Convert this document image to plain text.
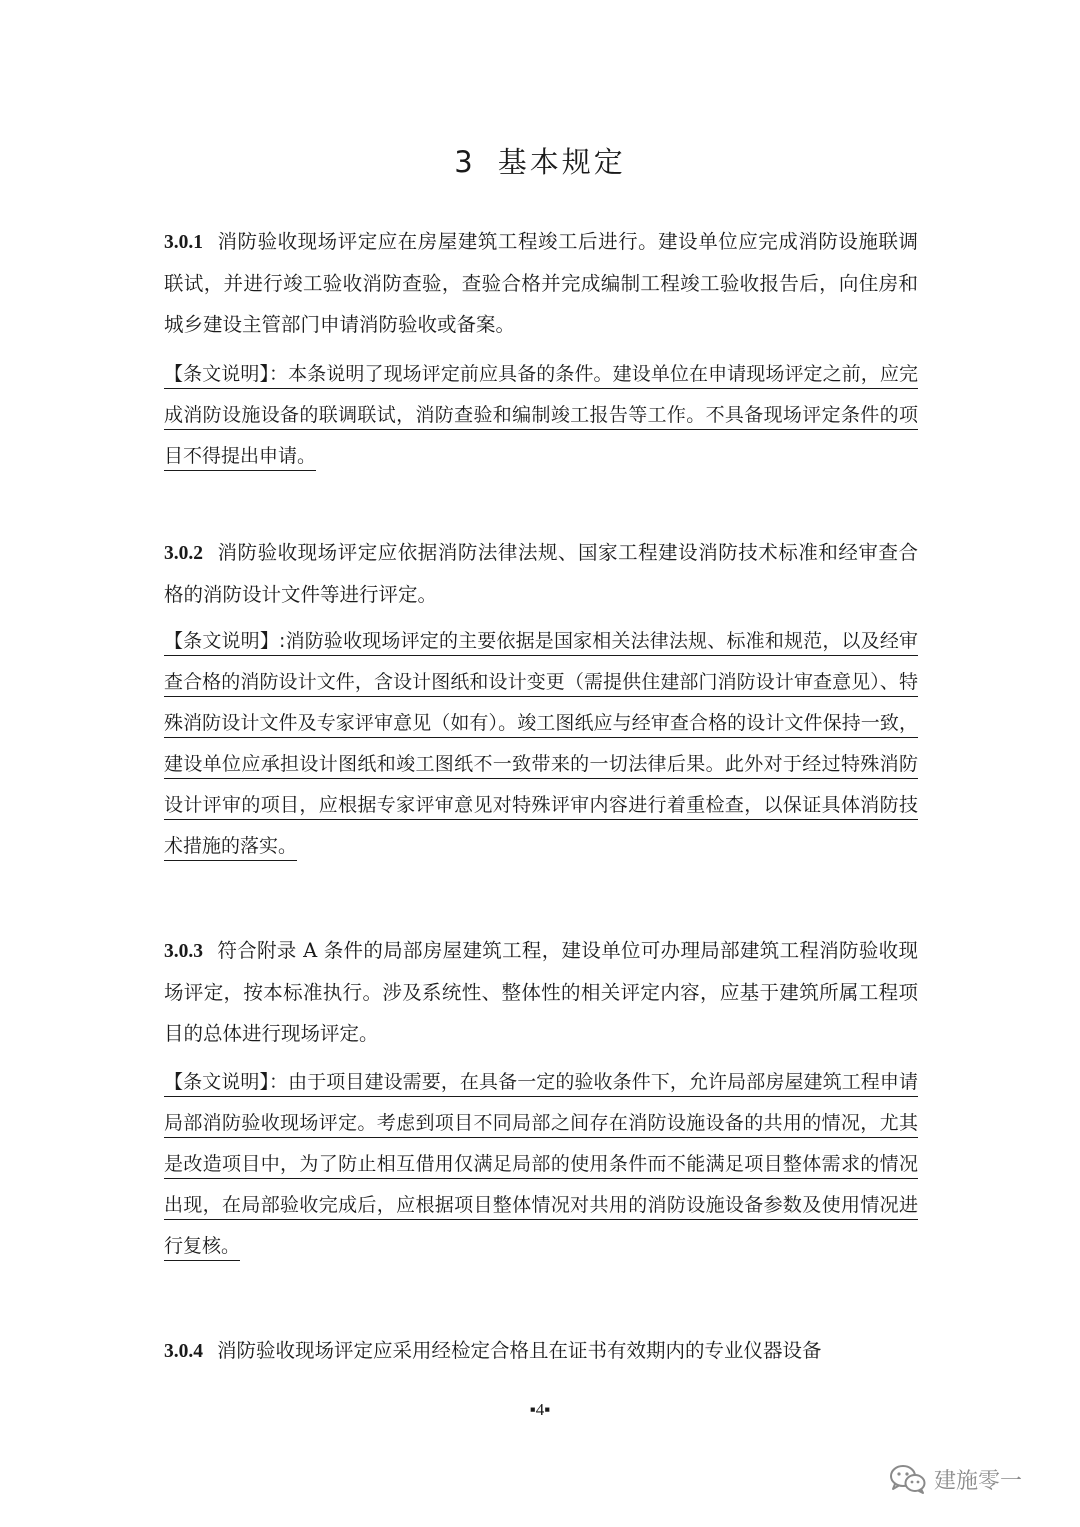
3 基本规定
3.0.1 消防验收现场评定应在房屋建筑工程竣工后进行。建设单位应完成消防设施联调联试，并进行竣工验收消防查验，查验合格并完成编制工程竣工验收报告后，向住房和城乡建设主管部门申请消防验收或备案。
【条文说明】：本条说明了现场评定前应具备的条件。建设单位在申请现场评定之前，应完成消防设施设备的联调联试，消防查验和编制竣工报告等工作。不具备现场评定条件的项目不得提出申请。
3.0.2 消防验收现场评定应依据消防法律法规、国家工程建设消防技术标准和经审查合格的消防设计文件等进行评定。
【条文说明】:消防验收现场评定的主要依据是国家相关法律法规、标准和规范，以及经审查合格的消防设计文件，含设计图纸和设计变更（需提供住建部门消防设计审查意见）、特殊消防设计文件及专家评审意见（如有）。竣工图纸应与经审查合格的设计文件保持一致，建设单位应承担设计图纸和竣工图纸不一致带来的一切法律后果。此外对于经过特殊消防设计评审的项目，应根据专家评审意见对特殊评审内容进行着重检查，以保证具体消防技术措施的落实。
3.0.3 符合附录 A 条件的局部房屋建筑工程，建设单位可办理局部建筑工程消防验收现场评定，按本标准执行。涉及系统性、整体性的相关评定内容，应基于建筑所属工程项目的总体进行现场评定。
【条文说明】：由于项目建设需要，在具备一定的验收条件下，允许局部房屋建筑工程申请局部消防验收现场评定。考虑到项目不同局部之间存在消防设施设备的共用的情况，尤其是改造项目中，为了防止相互借用仅满足局部的使用条件而不能满足项目整体需求的情况出现，在局部验收完成后，应根据项目整体情况对共用的消防设施设备参数及使用情况进行复核。
3.0.4 消防验收现场评定应采用经检定合格且在证书有效期内的专业仪器设备
▪4▪
建施零一
